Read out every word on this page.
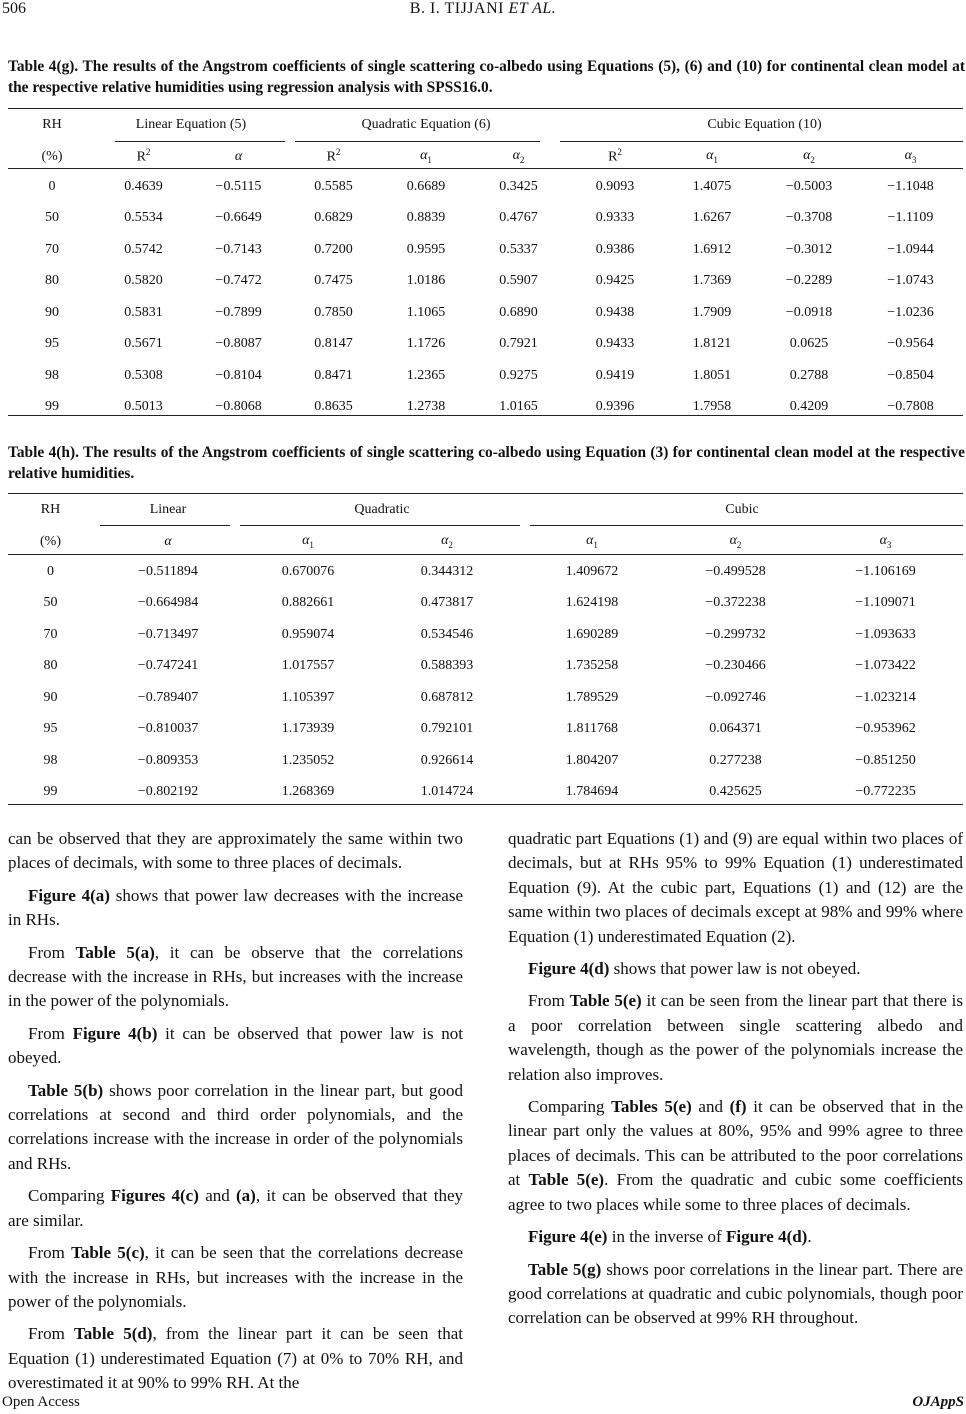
506	B. I. TIJJANI ET AL.
Table 4(g). The results of the Angstrom coefficients of single scattering co-albedo using Equations (5), (6) and (10) for continental clean model at the respective relative humidities using regression analysis with SPSS16.0.
RH	Linear Equation (5)		Quadratic Equation (6)			Cubic Equation (10)			
(%)	$R^2$	α	$R^2$	$\alpha_1$	$\alpha_2$	$R^2$	$\alpha_1$	$\alpha_2$	$\alpha_3$
0	0.4639	−0.5115	0.5585	0.6689	0.3425	0.9093	1.4075	−0.5003	−1.1048
50	0.5534	−0.6649	0.6829	0.8839	0.4767	0.9333	1.6267	−0.3708	−1.1109
70	0.5742	−0.7143	0.7200	0.9595	0.5337	0.9386	1.6912	−0.3012	−1.0944
80	0.5820	−0.7472	0.7475	1.0186	0.5907	0.9425	1.7369	−0.2289	−1.0743
90	0.5831	−0.7899	0.7850	1.1065	0.6890	0.9438	1.7909	−0.0918	−1.0236
95	0.5671	−0.8087	0.8147	1.1726	0.7921	0.9433	1.8121	0.0625	−0.9564
98	0.5308	−0.8104	0.8471	1.2365	0.9275	0.9419	1.8051	0.2788	−0.8504
99	0.5013	−0.8068	0.8635	1.2738	1.0165	0.9396	1.7958	0.4209	−0.7808
Table 4(h). The results of the Angstrom coefficients of single scattering co-albedo using Equation (3) for continental clean model at the respective relative humidities.
RH	Linear	Quadratic		Cubic		
(%)	α	$\alpha_1$	$\alpha_2$	$\alpha_1$	$\alpha_2$	$\alpha_3$
0	−0.511894	0.670076	0.344312	1.409672	−0.499528	−1.106169
50	−0.664984	0.882661	0.473817	1.624198	−0.372238	−1.109071
70	−0.713497	0.959074	0.534546	1.690289	−0.299732	−1.093633
80	−0.747241	1.017557	0.588393	1.735258	−0.230466	−1.073422
90	−0.789407	1.105397	0.687812	1.789529	−0.092746	−1.023214
95	−0.810037	1.173939	0.792101	1.811768	0.064371	−0.953962
98	−0.809353	1.235052	0.926614	1.804207	0.277238	−0.851250
99	−0.802192	1.268369	1.014724	1.784694	0.425625	−0.772235

can be observed that they are approximately the same within two places of decimals, with some to three places of decimals.

Figure 4(a) shows that power law decreases with the increase in RHs.

From Table 5(a), it can be observe that the correlations decrease with the increase in RHs, but increases with the increase in the power of the polynomials.

From Figure 4(b) it can be observed that power law is not obeyed.

Table 5(b) shows poor correlation in the linear part, but good correlations at second and third order polynomials, and the correlations increase with the increase in order of the polynomials and RHs.

Comparing Figures 4(c) and (a), it can be observed that they are similar.

From Table 5(c), it can be seen that the correlations decrease with the increase in RHs, but increases with the increase in the power of the polynomials.

From Table 5(d), from the linear part it can be seen that Equation (1) underestimated Equation (7) at 0% to 70% RH, and overestimated it at 90% to 99% RH. At the

quadratic part Equations (1) and (9) are equal within two places of decimals, but at RHs 95% to 99% Equation (1) underestimated Equation (9). At the cubic part, Equations (1) and (12) are the same within two places of decimals except at 98% and 99% where Equation (1) underestimated Equation (2).

Figure 4(d) shows that power law is not obeyed.

From Table 5(e) it can be seen from the linear part that there is a poor correlation between single scattering albedo and wavelength, though as the power of the polynomials increase the relation also improves.

Comparing Tables 5(e) and (f) it can be observed that in the linear part only the values at 80%, 95% and 99% agree to three places of decimals. This can be attributed to the poor correlations at Table 5(e). From the quadratic and cubic some coefficients agree to two places while some to three places of decimals.

Figure 4(e) in the inverse of Figure 4(d).

Table 5(g) shows poor correlations in the linear part. There are good correlations at quadratic and cubic polynomials, though poor correlation can be observed at 99% RH throughout.

Open Access	OJAppS
